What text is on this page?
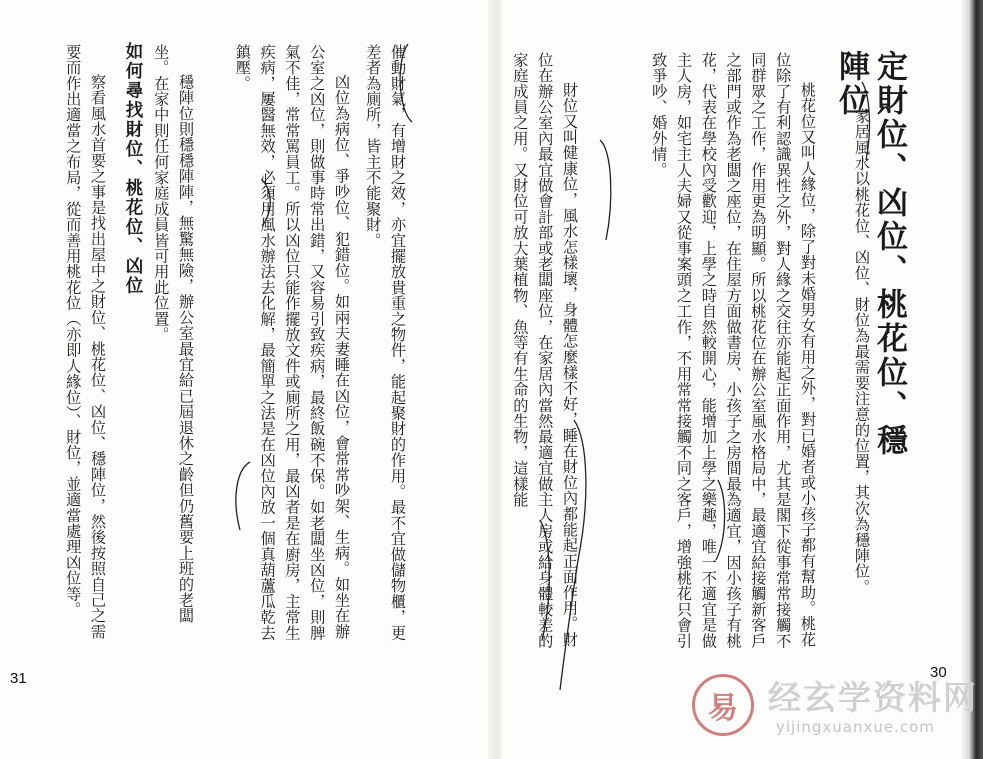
定財位、凶位、桃花位、穩陣位
家居風水以桃花位、凶位、財位為最需要注意的位置，其次為穩陣位。
桃花位又叫人緣位，除了對未婚男女有用之外，對已婚者或小孩子都有幫助。桃花位除了有利認識異性之外，對人緣之交往亦能起正面作用，尤其是閣下從事常常接觸不同群眾之工作，作用更為明顯。所以桃花位在辦公室風水格局中，最適宜給接觸新客戶之部門或作為老闆之座位，在住屋方面做書房、小孩子之房間最為適宜，因小孩子有桃花，代表在學校內受歡迎，上學之時自然較開心，能增加上學之樂趣，唯一不適宜是做主人房，如宅主人夫婦又從事案頭之工作，不用常常接觸不同之客戶，增強桃花只會引致爭吵、婚外情。
財位又叫健康位，風水怎樣壞，身體怎麼樣不好，睡在財位內都能起正面作用。財位在辦公室內最宜做會計部或老闆座位，在家居內當然最適宜做主人房或給身體較差的家庭成員之用。又財位可放大葉植物、魚等有生命的生物，這樣能
30
催動財氣，有增財之效，亦宜擺放貴重之物件，能起聚財的作用。最不宜做儲物櫃，更差者為廁所，皆主不能聚財。
凶位為病位、爭吵位、犯錯位。如兩夫妻睡在凶位，會常常吵架、生病。如坐在辦公室之凶位，則做事時常出錯，又容易引致疾病，最終飯碗不保。如老闆坐凶位，則脾氣不佳，常常罵員工。所以凶位只能作擺放文件或廁所之用，最凶者是在廚房，主常生疾病，屢醫無效，必須用風水辦法去化解，最簡單之法是在凶位內放一個真葫蘆瓜乾去鎮壓。
穩陣位則穩穩陣陣，無驚無險，辦公室最宜給已屆退休之齡但仍舊要上班的老闆坐。在家中則任何家庭成員皆可用此位置。
如何尋找財位、桃花位、凶位
察看風水首要之事是找出屋中之財位、桃花位、凶位、穩陣位，然後按照自己之需要而作出適當之布局，從而善用桃花位（亦即人緣位）、財位，並適當處理凶位等。
31
易 经玄学资料网
yijingxuanxue.com
